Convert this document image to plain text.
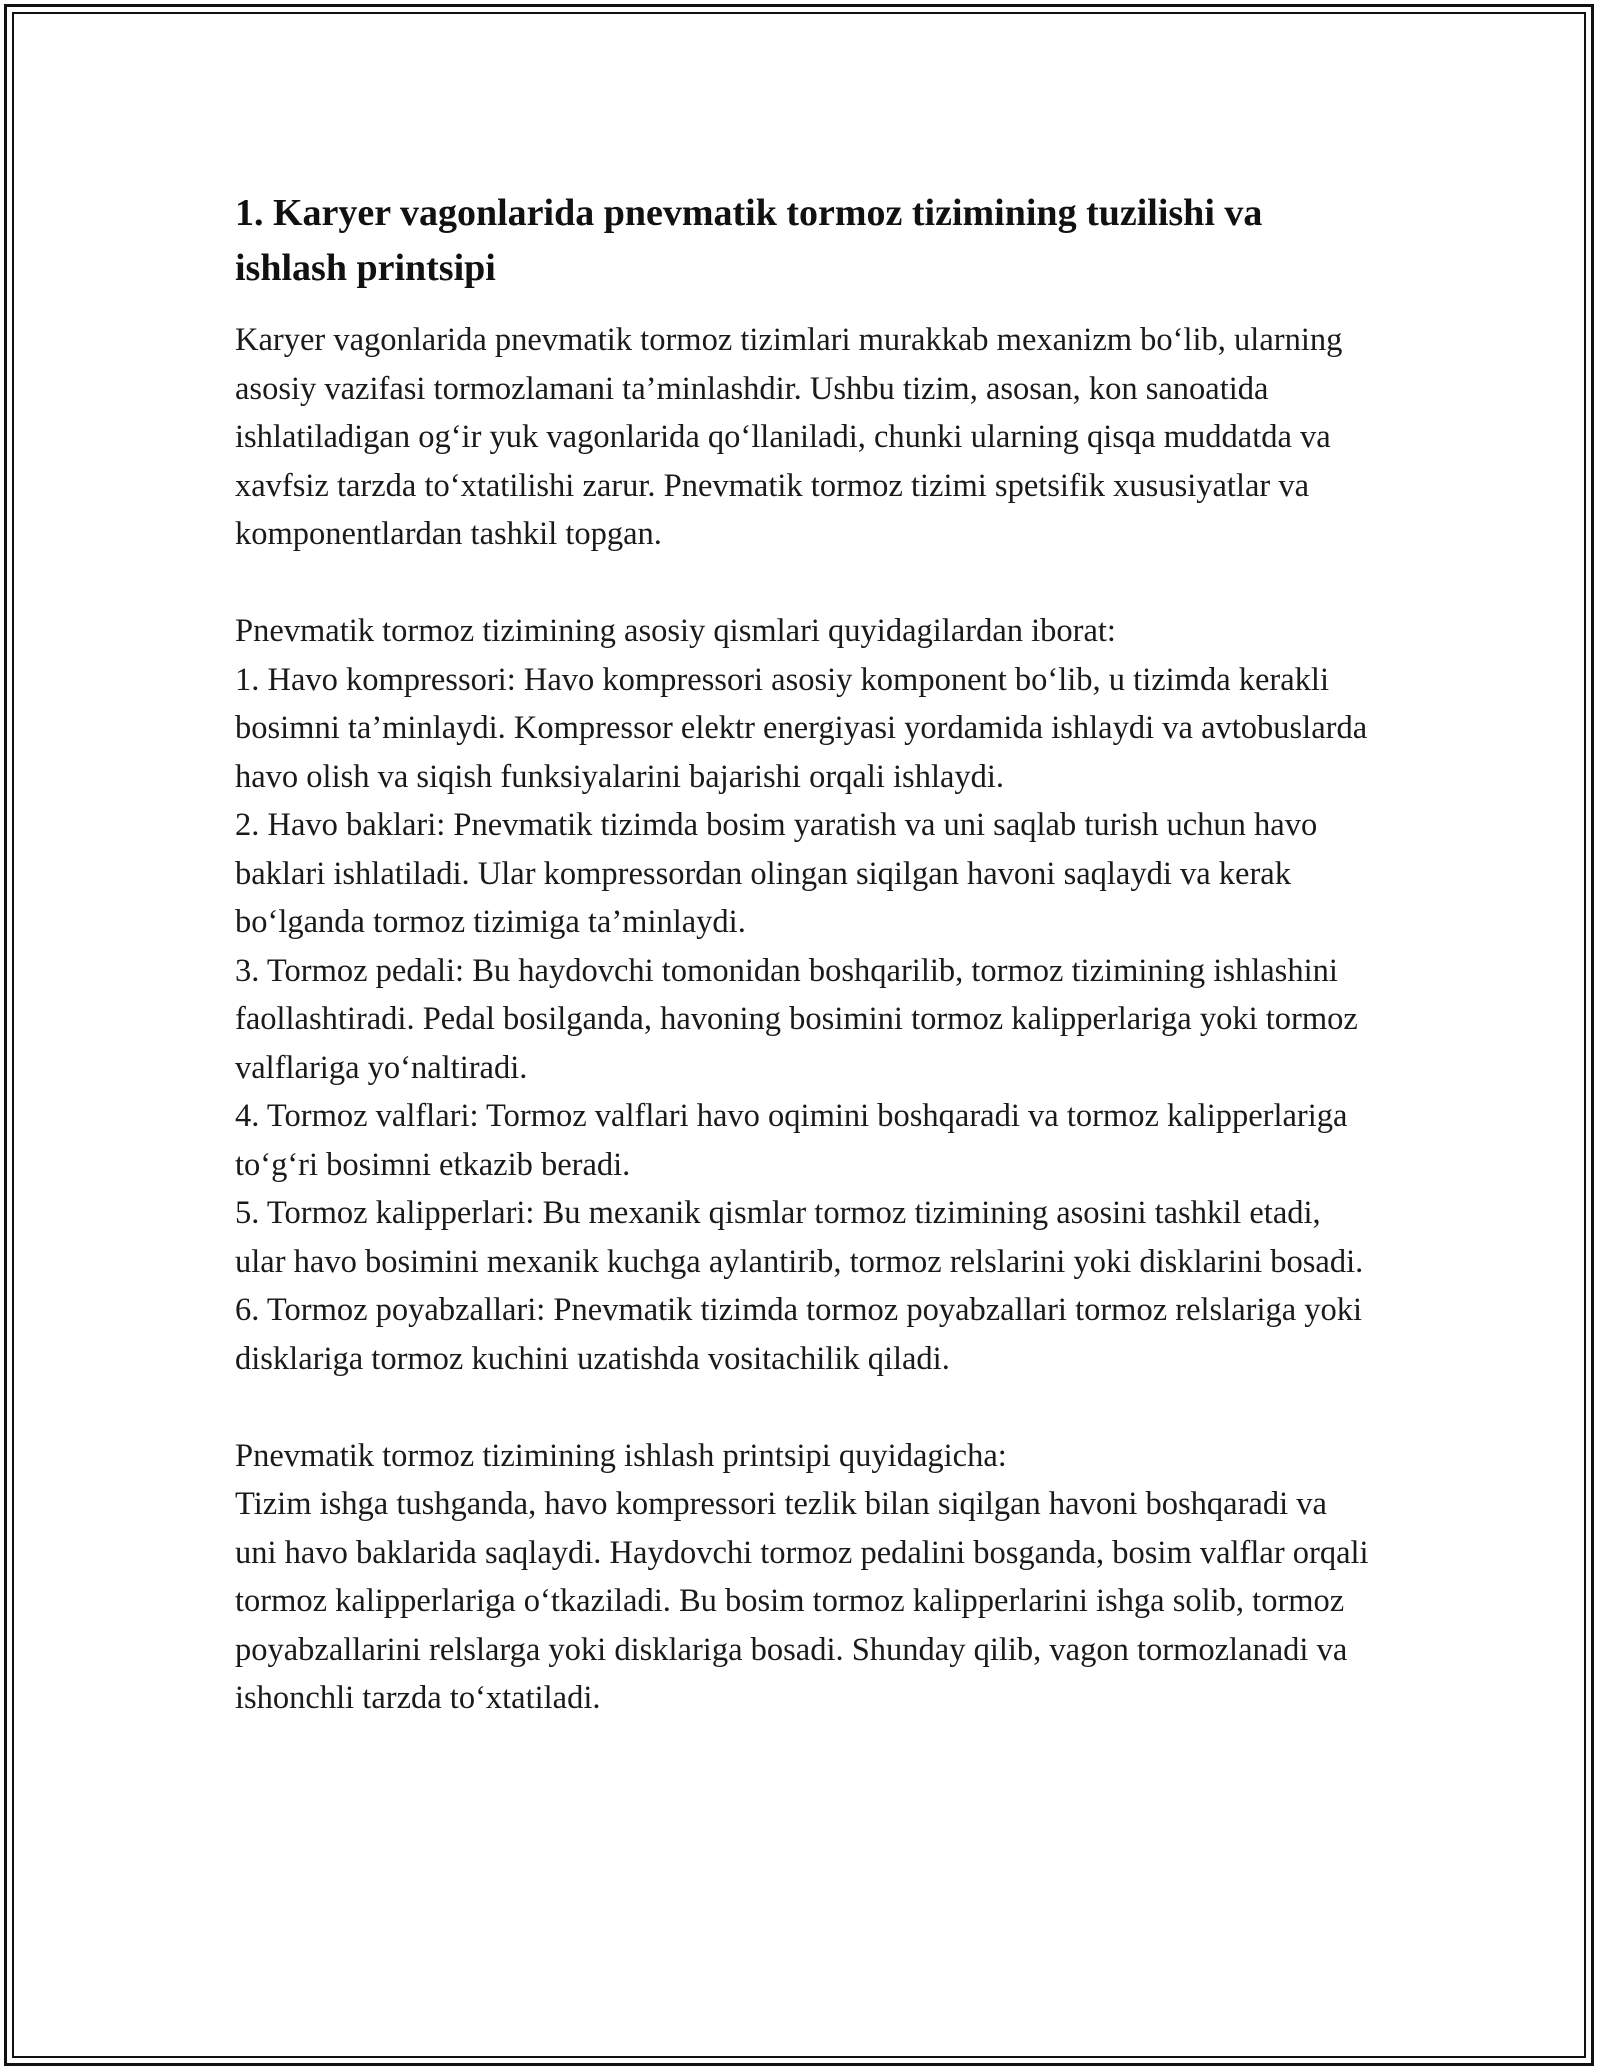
1. Karyer vagonlarida pnevmatik tormoz tizimining tuzilishi va ishlash printsipi

Karyer vagonlarida pnevmatik tormoz tizimlari murakkab mexanizm bo‘lib, ularning asosiy vazifasi tormozlamani ta’minlashdir. Ushbu tizim, asosan, kon sanoatida ishlatiladigan og‘ir yuk vagonlarida qo‘llaniladi, chunki ularning qisqa muddatda va xavfsiz tarzda to‘xtatilishi zarur. Pnevmatik tormoz tizimi spetsifik xususiyatlar va komponentlardan tashkil topgan.

Pnevmatik tormoz tizimining asosiy qismlari quyidagilardan iborat:

1. Havo kompressori: Havo kompressori asosiy komponent bo‘lib, u tizimda kerakli bosimni ta’minlaydi. Kompressor elektr energiyasi yordamida ishlaydi va avtobuslarda havo olish va siqish funksiyalarini bajarishi orqali ishlaydi.

2. Havo baklari: Pnevmatik tizimda bosim yaratish va uni saqlab turish uchun havo baklari ishlatiladi. Ular kompressordan olingan siqilgan havoni saqlaydi va kerak bo‘lganda tormoz tizimiga ta’minlaydi.

3. Tormoz pedali: Bu haydovchi tomonidan boshqarilib, tormoz tizimining ishlashini faollashtiradi. Pedal bosilganda, havoning bosimini tormoz kalipperlariga yoki tormoz valflariga yo‘naltiradi.

4. Tormoz valflari: Tormoz valflari havo oqimini boshqaradi va tormoz kalipperlariga to‘g‘ri bosimni etkazib beradi.

5. Tormoz kalipperlari: Bu mexanik qismlar tormoz tizimining asosini tashkil etadi, ular havo bosimini mexanik kuchga aylantirib, tormoz relslarini yoki disklarini bosadi.

6. Tormoz poyabzallari: Pnevmatik tizimda tormoz poyabzallari tormoz relslariga yoki disklariga tormoz kuchini uzatishda vositachilik qiladi.

Pnevmatik tormoz tizimining ishlash printsipi quyidagicha:

Tizim ishga tushganda, havo kompressori tezlik bilan siqilgan havoni boshqaradi va uni havo baklarida saqlaydi. Haydovchi tormoz pedalini bosganda, bosim valflar orqali tormoz kalipperlariga o‘tkaziladi. Bu bosim tormoz kalipperlarini ishga solib, tormoz poyabzallarini relslarga yoki disklariga bosadi. Shunday qilib, vagon tormozlanadi va ishonchli tarzda to‘xtatiladi.
